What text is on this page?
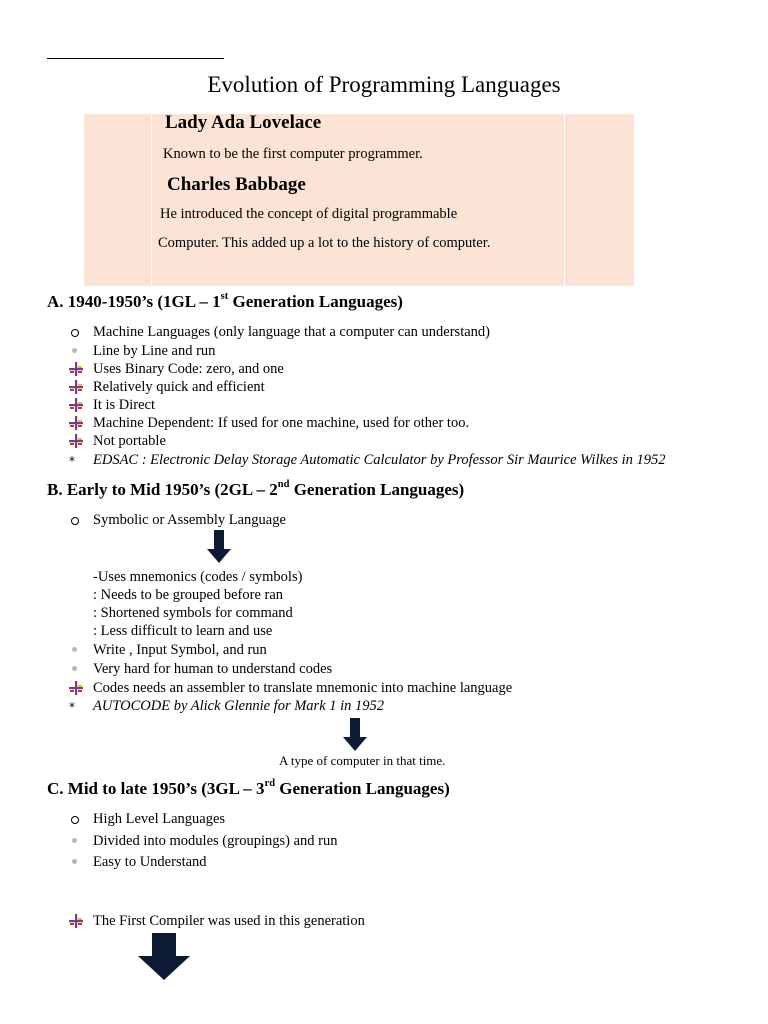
Evolution of Programming Languages
Lady Ada Lovelace
Known to be the first computer programmer.
Charles Babbage
He introduced the concept of digital programmable
Computer. This added up a lot to the history of computer.
A. 1940-1950’s (1GL – 1st Generation Languages)
Machine Languages (only language that a computer can understand)
Line by Line and run
Uses Binary Code: zero, and one
Relatively quick and efficient
It is Direct
Machine Dependent: If used for one machine, used for other too.
Not portable
* EDSAC : Electronic Delay Storage Automatic Calculator by Professor Sir Maurice Wilkes in 1952
B. Early to Mid 1950’s (2GL – 2nd Generation Languages)
Symbolic or Assembly Language
-Uses mnemonics (codes / symbols)
: Needs to be grouped before ran
: Shortened symbols for command
: Less difficult to learn and use
Write , Input Symbol, and run
Very hard for human to understand codes
Codes needs an assembler to translate mnemonic into machine language
* AUTOCODE by Alick Glennie for Mark 1 in 1952
A type of computer in that time.
C. Mid to late 1950’s (3GL – 3rd Generation Languages)
High Level Languages
Divided into modules (groupings) and run
Easy to Understand
The First Compiler was used in this generation
